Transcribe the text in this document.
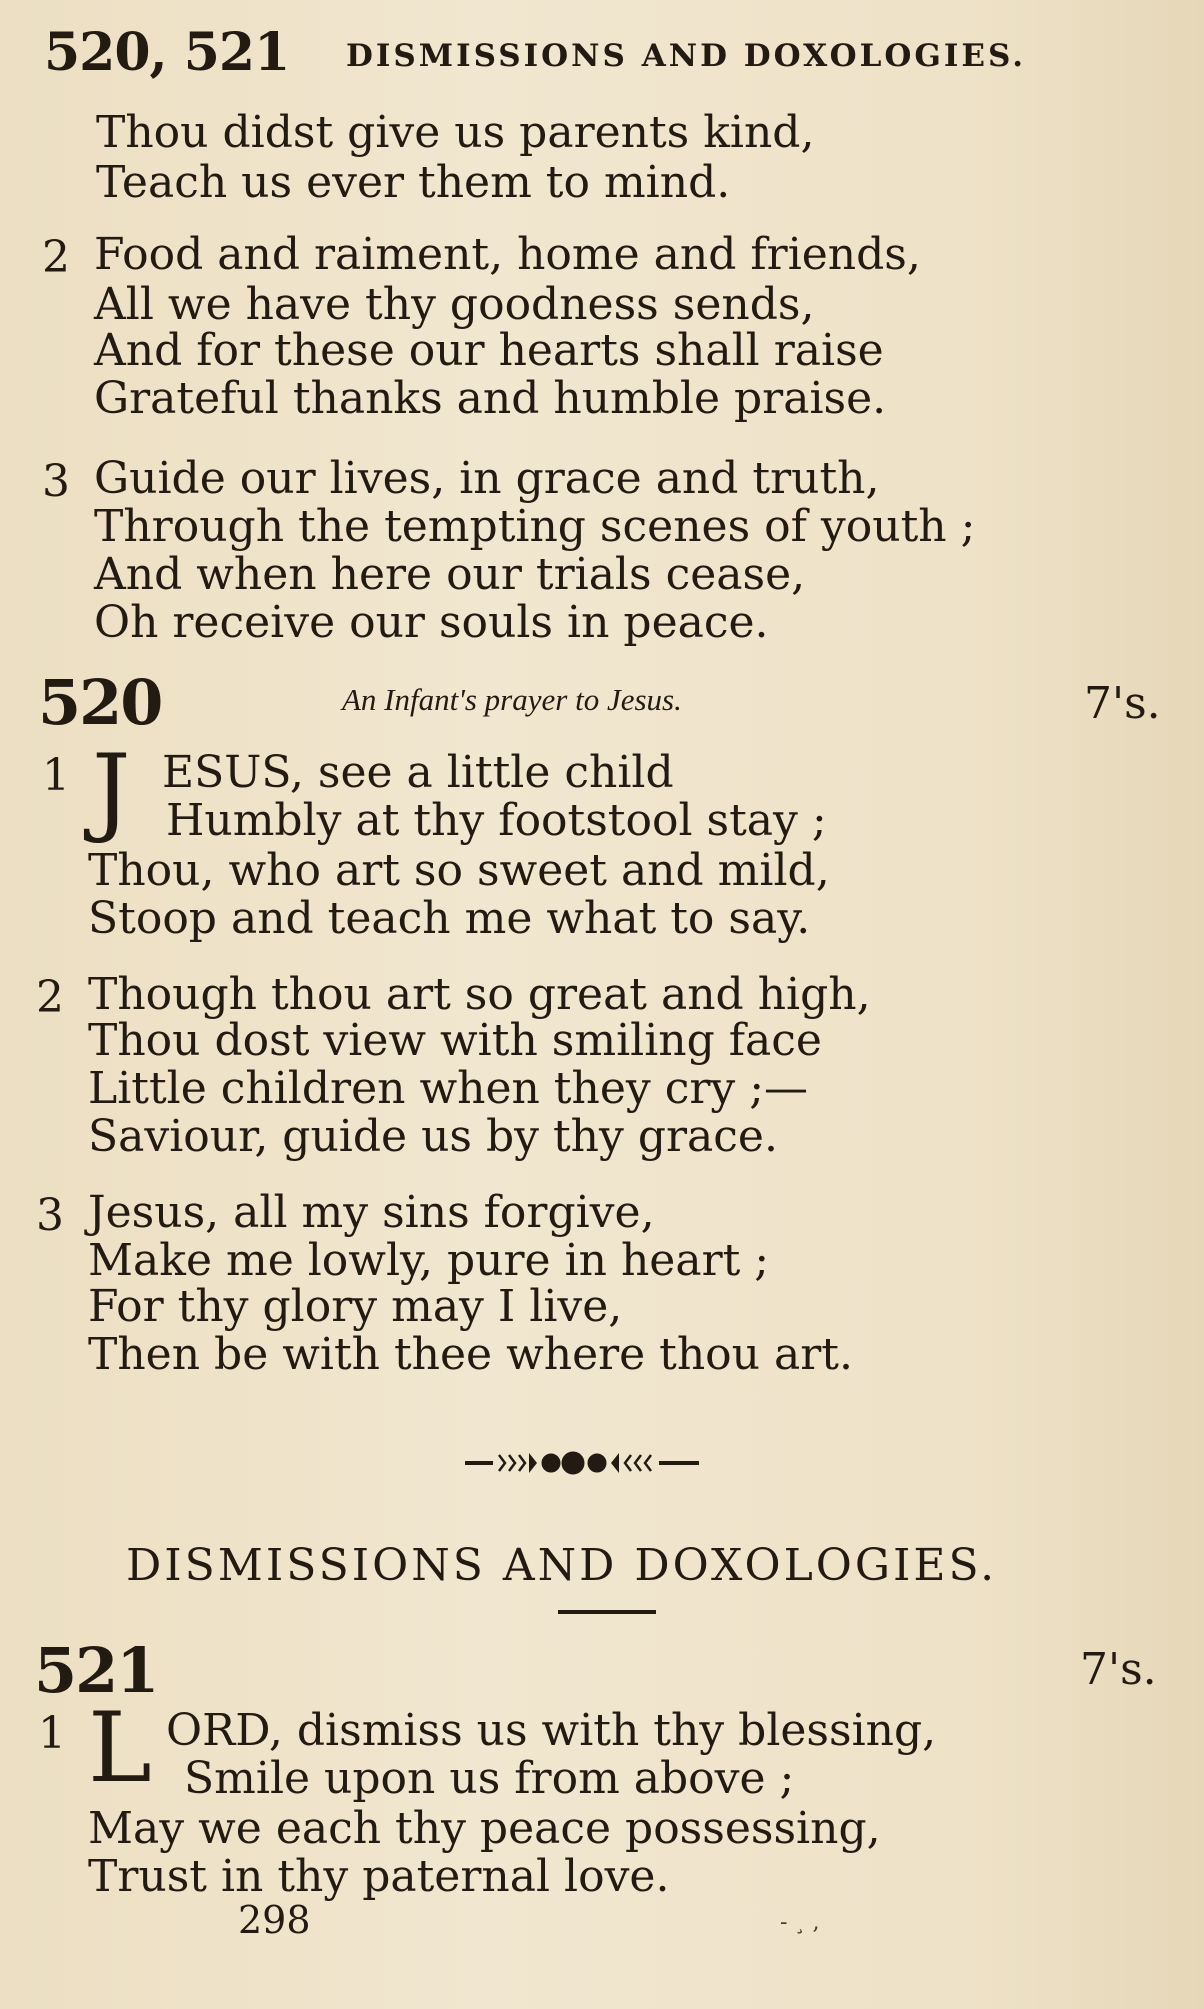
520, 521 DISMISSIONS AND DOXOLOGIES.
Thou didst give us parents kind,
Teach us ever them to mind.
2 Food and raiment, home and friends,
All we have thy goodness sends,
And for these our hearts shall raise
Grateful thanks and humble praise.
3 Guide our lives, in grace and truth,
Through the tempting scenes of youth ;
And when here our trials cease,
Oh receive our souls in peace.
520	An Infant's prayer to Jesus.	7's.
1 J ESUS, see a little child
Humbly at thy footstool stay ;
Thou, who art so sweet and mild,
Stoop and teach me what to say.
2 Though thou art so great and high,
Thou dost view with smiling face
Little children when they cry ;—
Saviour, guide us by thy grace.
3 Jesus, all my sins forgive,
Make me lowly, pure in heart ;
For thy glory may I live,
Then be with thee where thou art.
DISMISSIONS AND DOXOLOGIES.
521	7's.
1 L ORD, dismiss us with thy blessing,
Smile upon us from above ;
May we each thy peace possessing,
Trust in thy paternal love.
298	‑ ¸ ‚
